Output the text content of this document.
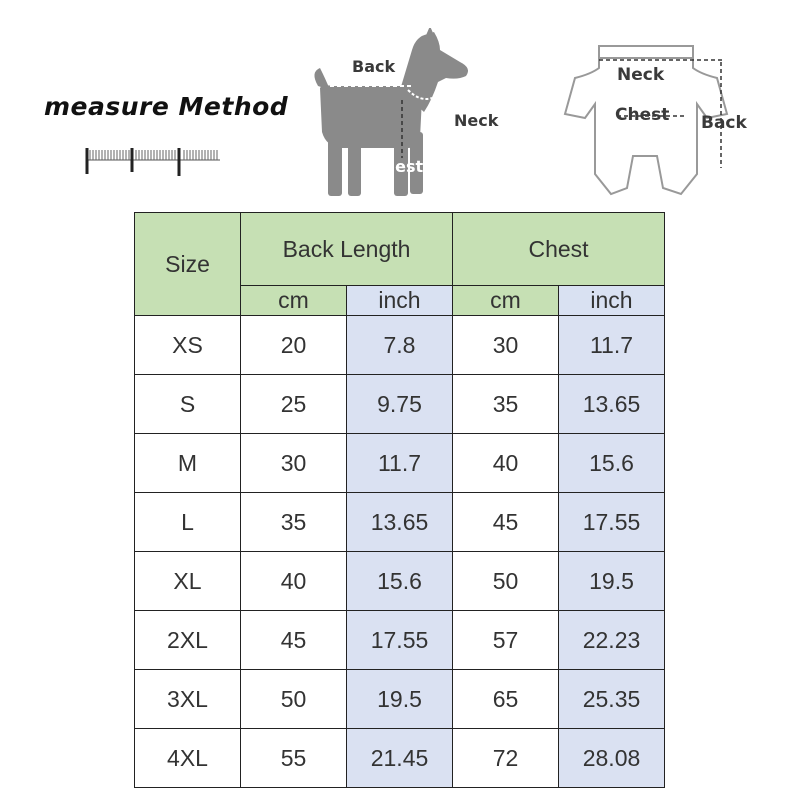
measure Method
Back
Neck
Chest
Neck
Chest Back
Size	Back Length		Chest	
	cm	inch	cm	inch
XS	20	7.8	30	11.7
S	25	9.75	35	13.65
M	30	11.7	40	15.6
L	35	13.65	45	17.55
XL	40	15.6	50	19.5
2XL	45	17.55	57	22.23
3XL	50	19.5	65	25.35
4XL	55	21.45	72	28.08
